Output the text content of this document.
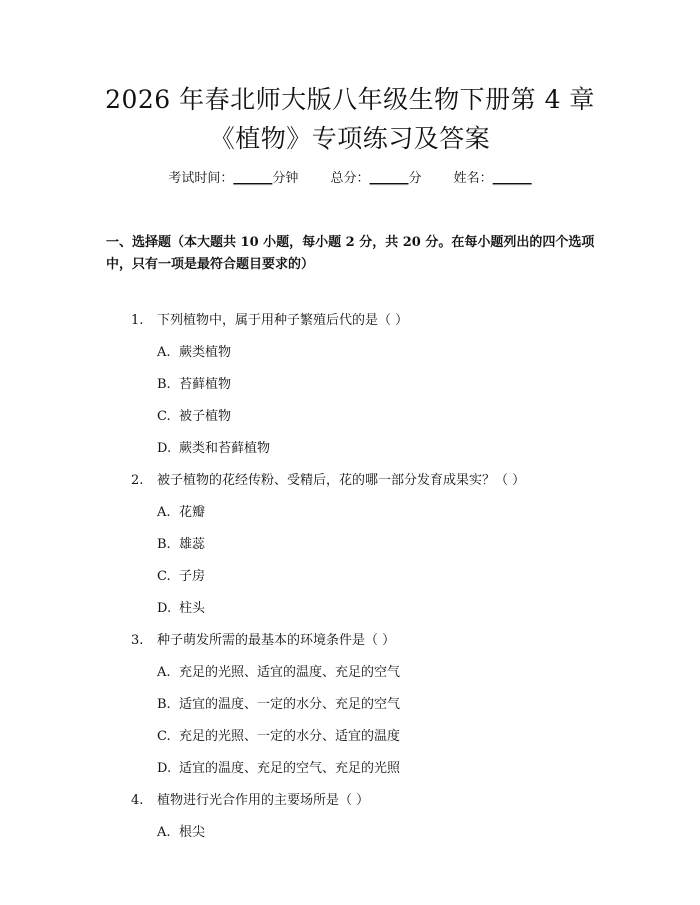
2026 年春北师大版八年级生物下册第 4 章
《植物》专项练习及答案
考试时间：______分钟 总分：______分 姓名：______
一、选择题（本大题共 10 小题，每小题 2 分，共 20 分。在每小题列出的四个选项中，只有一项是最符合题目要求的）
1. 下列植物中，属于用种子繁殖后代的是（ ）
A. 蕨类植物
B. 苔藓植物
C. 被子植物
D. 蕨类和苔藓植物
2. 被子植物的花经传粉、受精后，花的哪一部分发育成果实？（ ）
A. 花瓣
B. 雄蕊
C. 子房
D. 柱头
3. 种子萌发所需的最基本的环境条件是（ ）
A. 充足的光照、适宜的温度、充足的空气
B. 适宜的温度、一定的水分、充足的空气
C. 充足的光照、一定的水分、适宜的温度
D. 适宜的温度、充足的空气、充足的光照
4. 植物进行光合作用的主要场所是（ ）
A. 根尖
